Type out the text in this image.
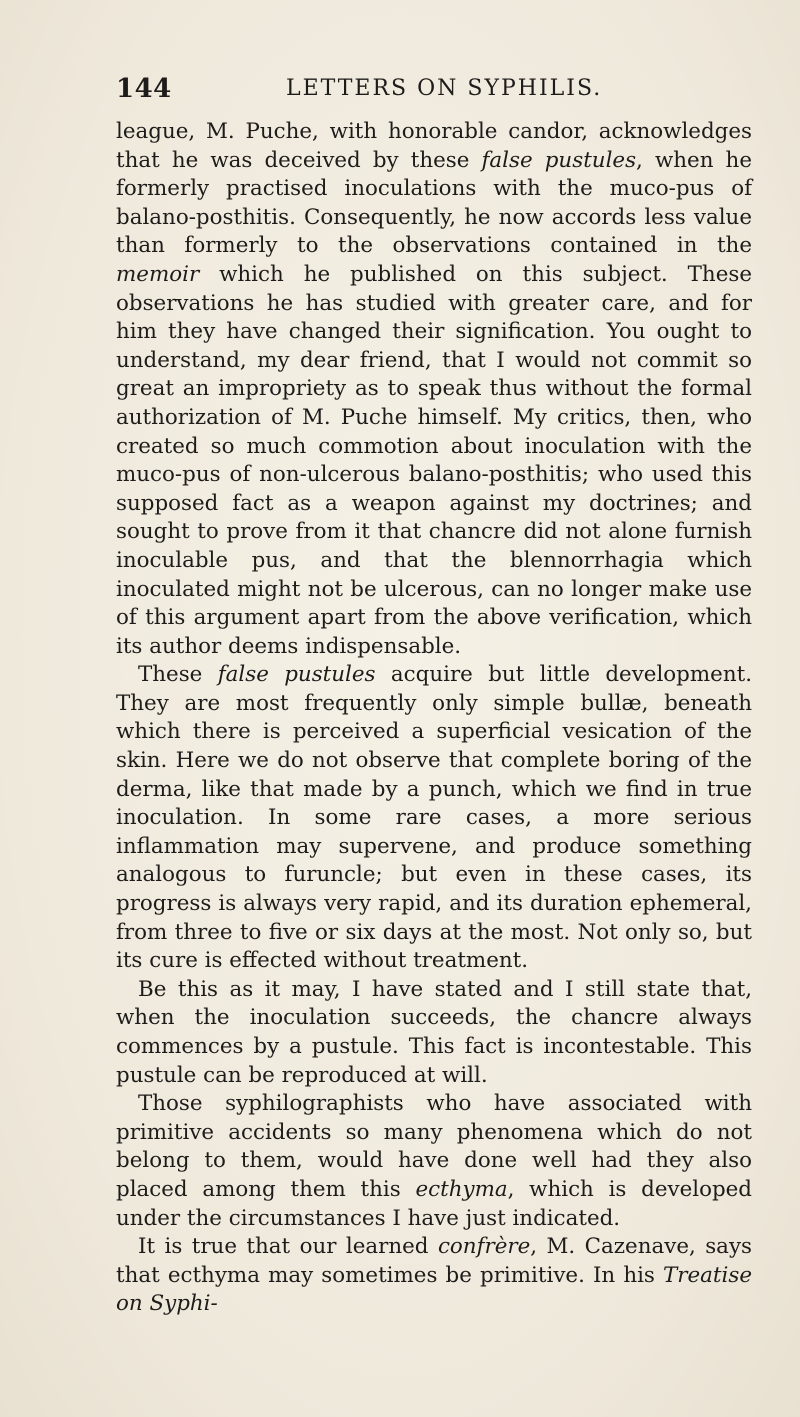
144	LETTERS ON SYPHILIS.

league, M. Puche, with honorable candor, acknowledges that he was deceived by these false pustules, when he formerly practised inoculations with the muco-pus of balano-posthitis. Consequently, he now accords less value than formerly to the observations contained in the memoir which he published on this subject. These observations he has studied with greater care, and for him they have changed their signification. You ought to understand, my dear friend, that I would not commit so great an impropriety as to speak thus without the formal authorization of M. Puche himself. My critics, then, who created so much commotion about inoculation with the muco-pus of non-ulcerous balano-posthitis; who used this supposed fact as a weapon against my doctrines; and sought to prove from it that chancre did not alone furnish inoculable pus, and that the blennorrhagia which inoculated might not be ulcerous, can no longer make use of this argument apart from the above verification, which its author deems indispensable.

These false pustules acquire but little development. They are most frequently only simple bullæ, beneath which there is perceived a superficial vesication of the skin. Here we do not observe that complete boring of the derma, like that made by a punch, which we find in true inoculation. In some rare cases, a more serious inflammation may supervene, and produce something analogous to furuncle; but even in these cases, its progress is always very rapid, and its duration ephemeral, from three to five or six days at the most. Not only so, but its cure is effected without treatment.

Be this as it may, I have stated and I still state that, when the inoculation succeeds, the chancre always commences by a pustule. This fact is incontestable. This pustule can be reproduced at will.

Those syphilographists who have associated with primitive accidents so many phenomena which do not belong to them, would have done well had they also placed among them this ecthyma, which is developed under the circumstances I have just indicated.

It is true that our learned confrère, M. Cazenave, says that ecthyma may sometimes be primitive. In his Treatise on Syphi-
